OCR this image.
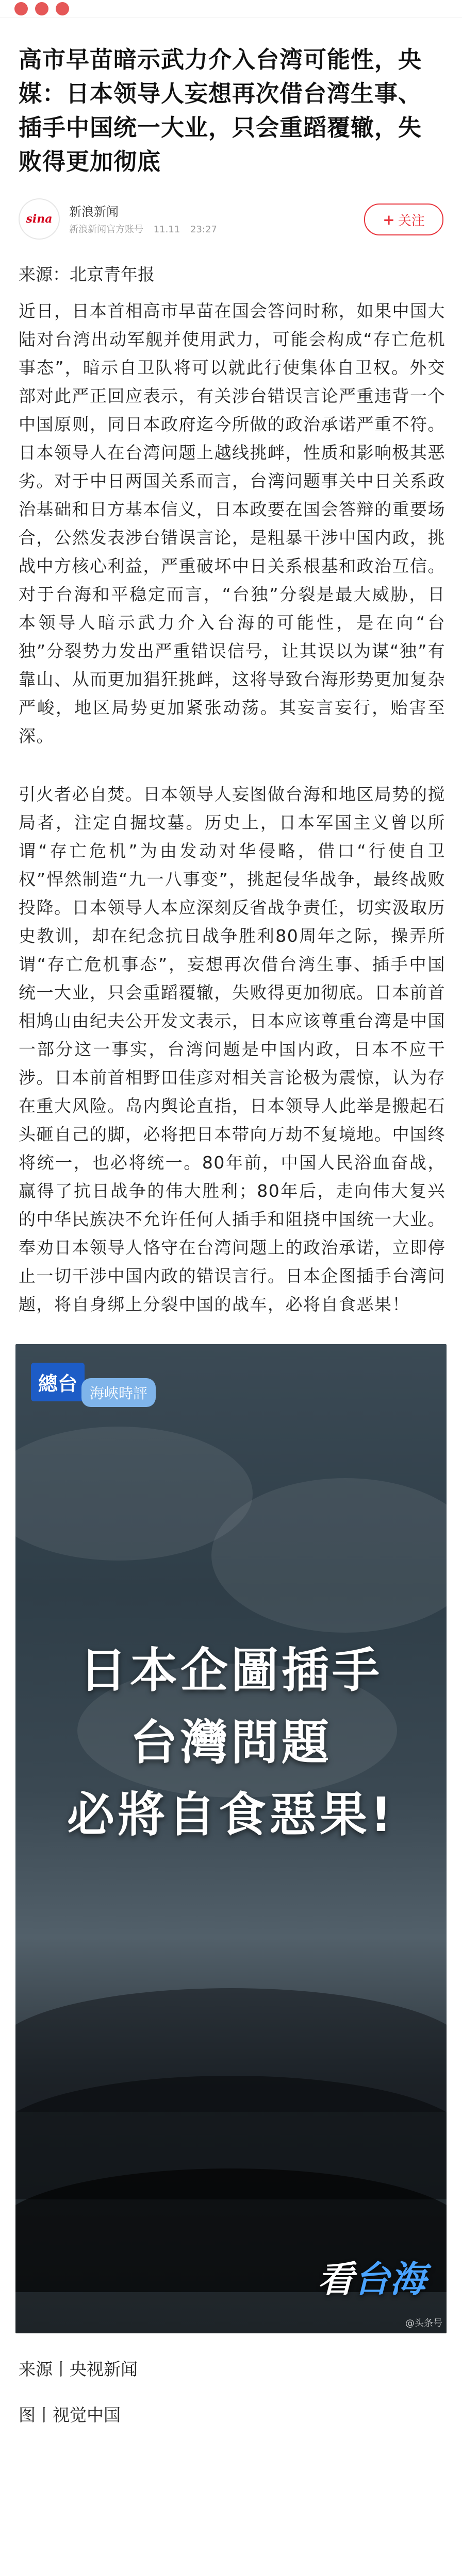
高市早苗暗示武力介入台湾可能性，央媒：日本领导人妄想再次借台湾生事、插手中国统一大业，只会重蹈覆辙，失败得更加彻底
sina 新浪新闻
新浪新闻官方账号 11.11 23:27
+ 关注
来源：北京青年报
近日，日本首相高市早苗在国会答问时称，如果中国大陆对台湾出动军舰并使用武力，可能会构成“存亡危机事态”，暗示自卫队将可以就此行使集体自卫权。外交部对此严正回应表示，有关涉台错误言论严重违背一个中国原则，同日本政府迄今所做的政治承诺严重不符。日本领导人在台湾问题上越线挑衅，性质和影响极其恶劣。对于中日两国关系而言，台湾问题事关中日关系政治基础和日方基本信义，日本政要在国会答辩的重要场合，公然发表涉台错误言论，是粗暴干涉中国内政，挑战中方核心利益，严重破坏中日关系根基和政治互信。对于台海和平稳定而言，“台独”分裂是最大威胁，日本领导人暗示武力介入台海的可能性，是在向“台独”分裂势力发出严重错误信号，让其误以为谋“独”有靠山、从而更加猖狂挑衅，这将导致台海形势更加复杂严峻，地区局势更加紧张动荡。其妄言妄行，贻害至深。
引火者必自焚。日本领导人妄图做台海和地区局势的搅局者，注定自掘坟墓。历史上，日本军国主义曾以所谓“存亡危机”为由发动对华侵略，借口“行使自卫权”悍然制造“九一八事变”，挑起侵华战争，最终战败投降。日本领导人本应深刻反省战争责任，切实汲取历史教训，却在纪念抗日战争胜利80周年之际，操弄所谓“存亡危机事态”，妄想再次借台湾生事、插手中国统一大业，只会重蹈覆辙，失败得更加彻底。日本前首相鸠山由纪夫公开发文表示，日本应该尊重台湾是中国一部分这一事实，台湾问题是中国内政，日本不应干涉。日本前首相野田佳彦对相关言论极为震惊，认为存在重大风险。岛内舆论直指，日本领导人此举是搬起石头砸自己的脚，必将把日本带向万劫不复境地。中国终将统一，也必将统一。80年前，中国人民浴血奋战，赢得了抗日战争的伟大胜利；80年后，走向伟大复兴的中华民族决不允许任何人插手和阻挠中国统一大业。奉劝日本领导人恪守在台湾问题上的政治承诺，立即停止一切干涉中国内政的错误言行。日本企图插手台湾问题，将自身绑上分裂中国的战车，必将自食恶果！
總台 海峽時評
日本企圖插手
台灣問題
必將自食惡果!
看台海
@头条号
来源丨央视新闻
图丨视觉中国
